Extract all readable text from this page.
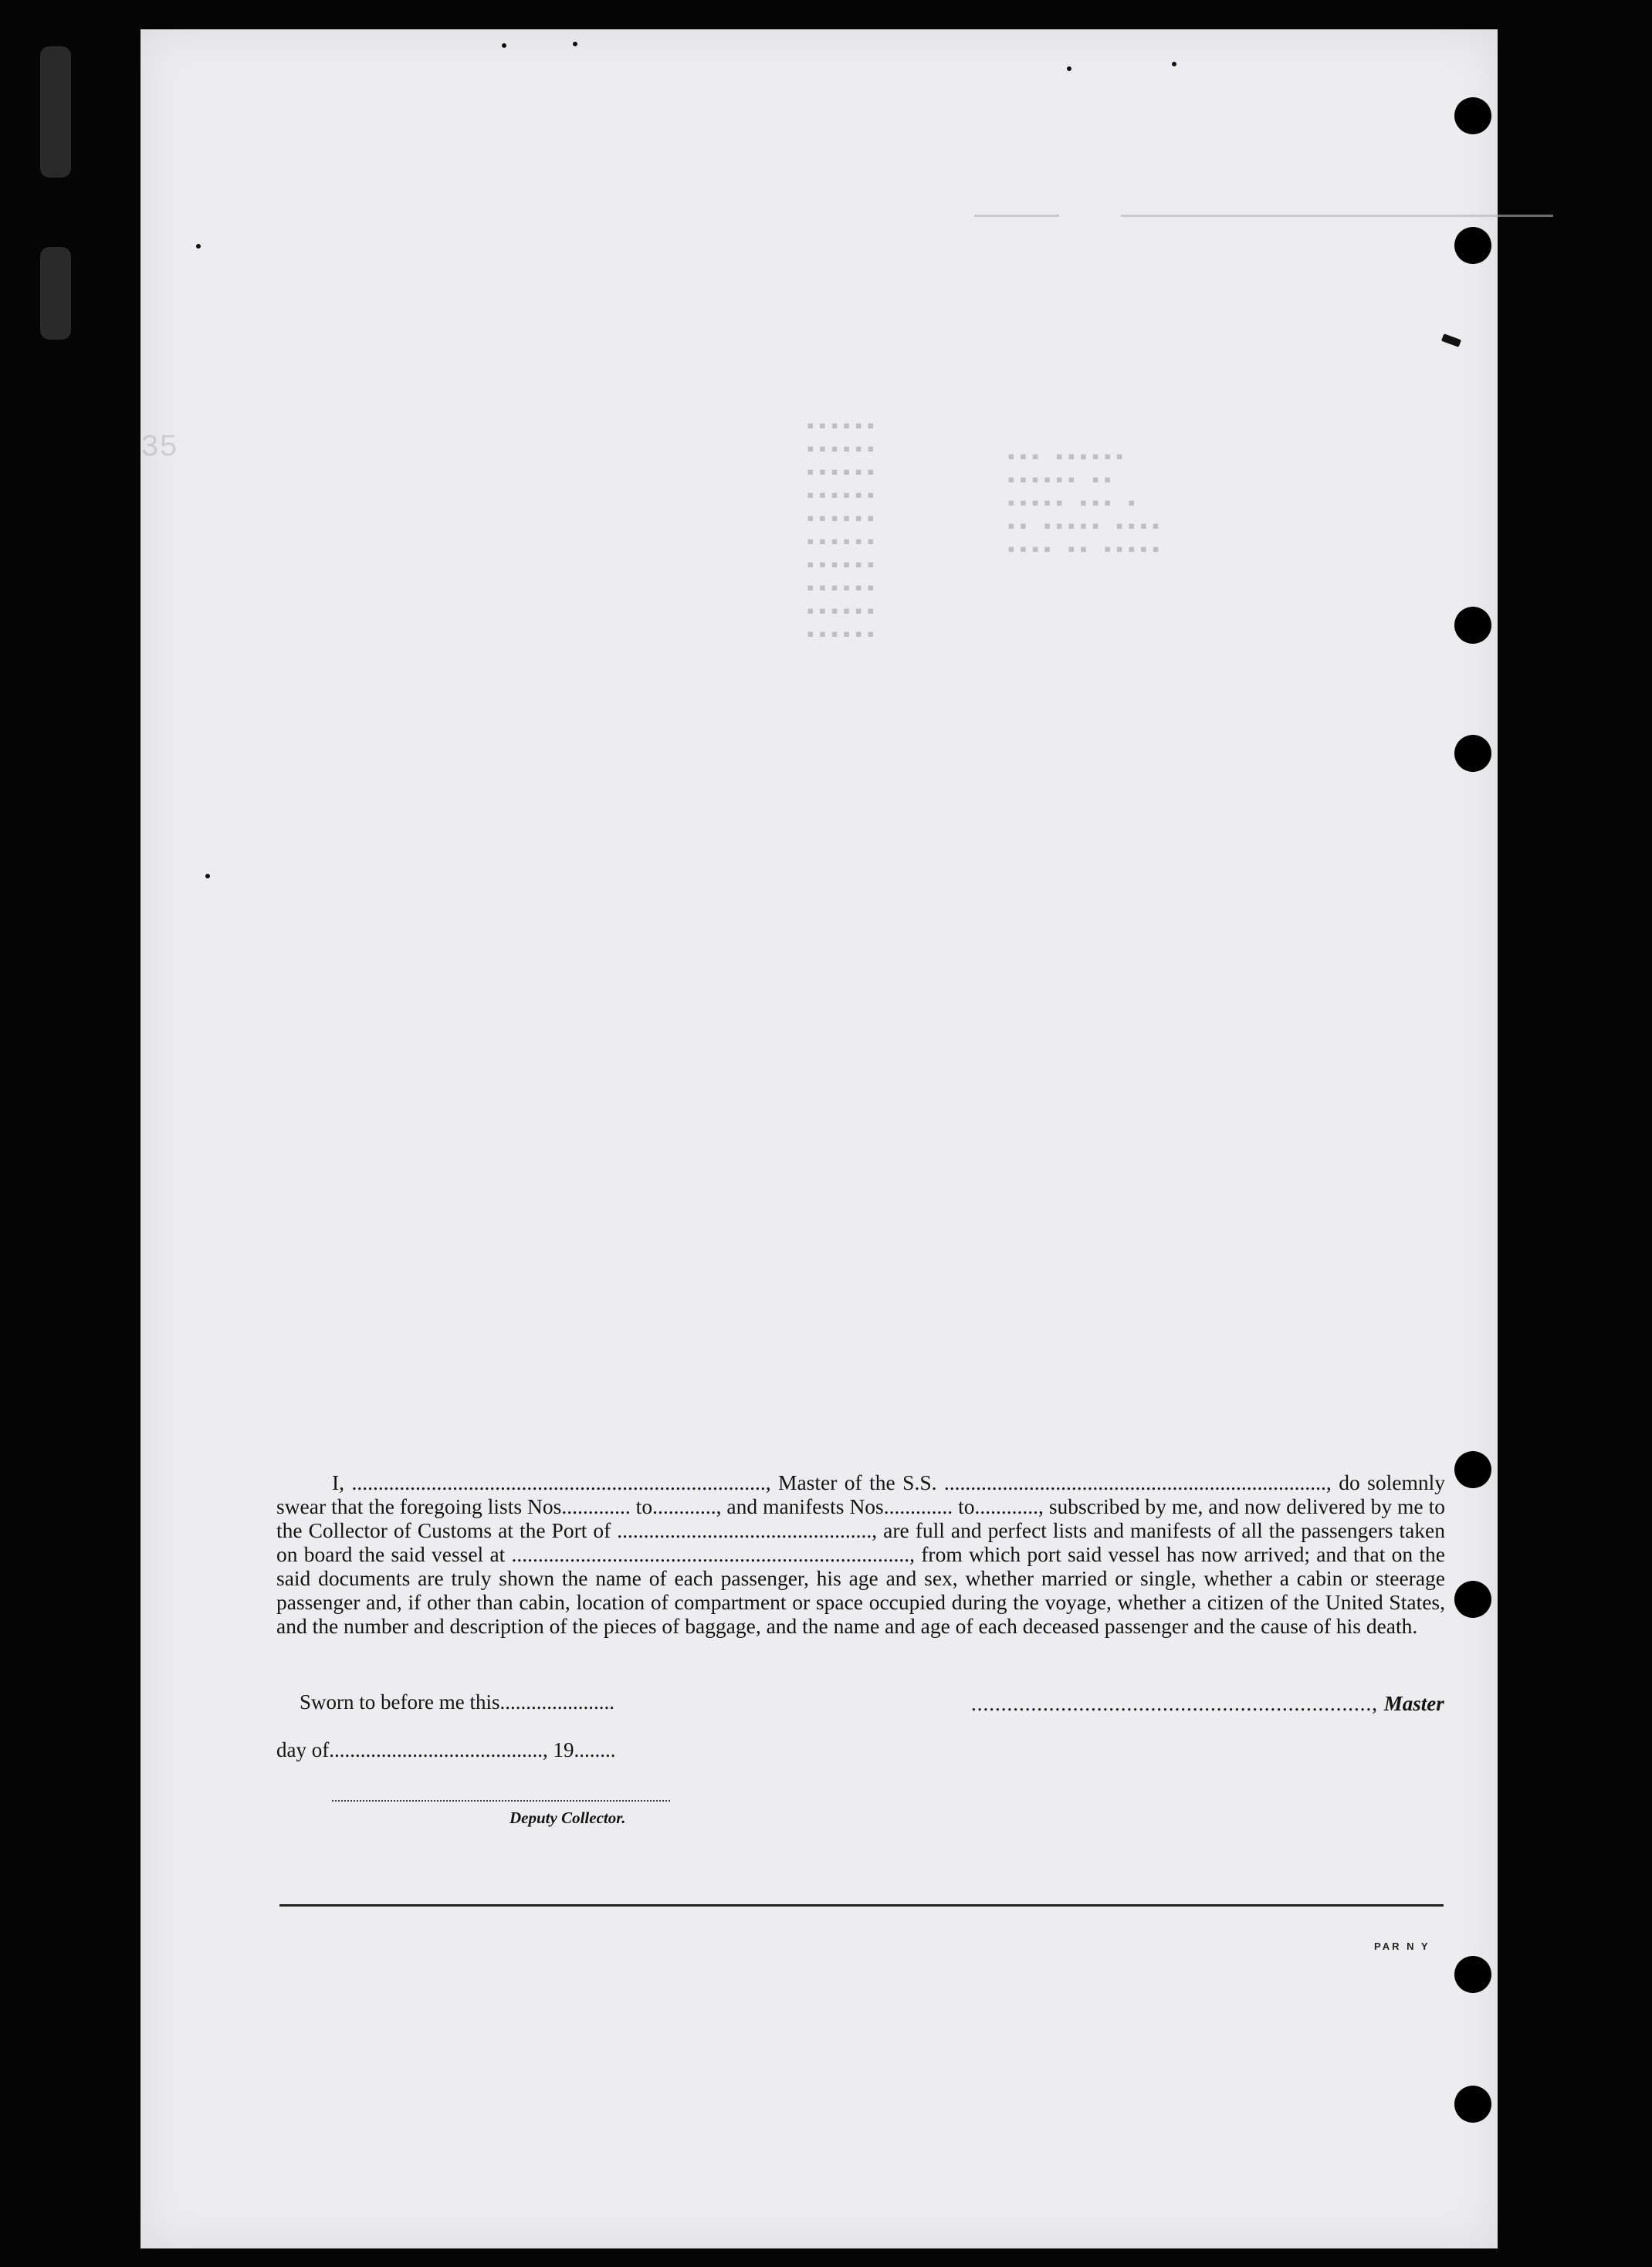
▪▪▪▪▪▪
▪▪▪▪▪▪
▪▪▪▪▪▪
▪▪▪▪▪▪
▪▪▪▪▪▪
▪▪▪▪▪▪
▪▪▪▪▪▪
▪▪▪▪▪▪
▪▪▪▪▪▪
▪▪▪▪▪▪
▪▪▪ ▪▪▪▪▪▪
▪▪▪▪▪▪ ▪▪
▪▪▪▪▪ ▪▪▪ ▪
▪▪ ▪▪▪▪▪ ▪▪▪▪
▪▪▪▪ ▪▪ ▪▪▪▪▪
35

I, .............................................................................., Master of the S.S. ........................................................................, do solemnly swear that the foregoing lists Nos............. to............, and manifests Nos............. to............, subscribed by me, and now delivered by me to the Collector of Customs at the Port of ................................................, are full and perfect lists and manifests of all the passengers taken on board the said vessel at ..........................................................................., from which port said vessel has now arrived; and that on the said documents are truly shown the name of each passenger, his age and sex, whether married or single, whether a cabin or steerage passenger and, if other than cabin, location of compartment or space occupied during the voyage, whether a citizen of the United States, and the number and description of the pieces of baggage, and the name and age of each deceased passenger and the cause of his death.

Sworn to before me this......................	..................................................................., Master
day of........................................., 19........
Deputy Collector.
PAR N Y
